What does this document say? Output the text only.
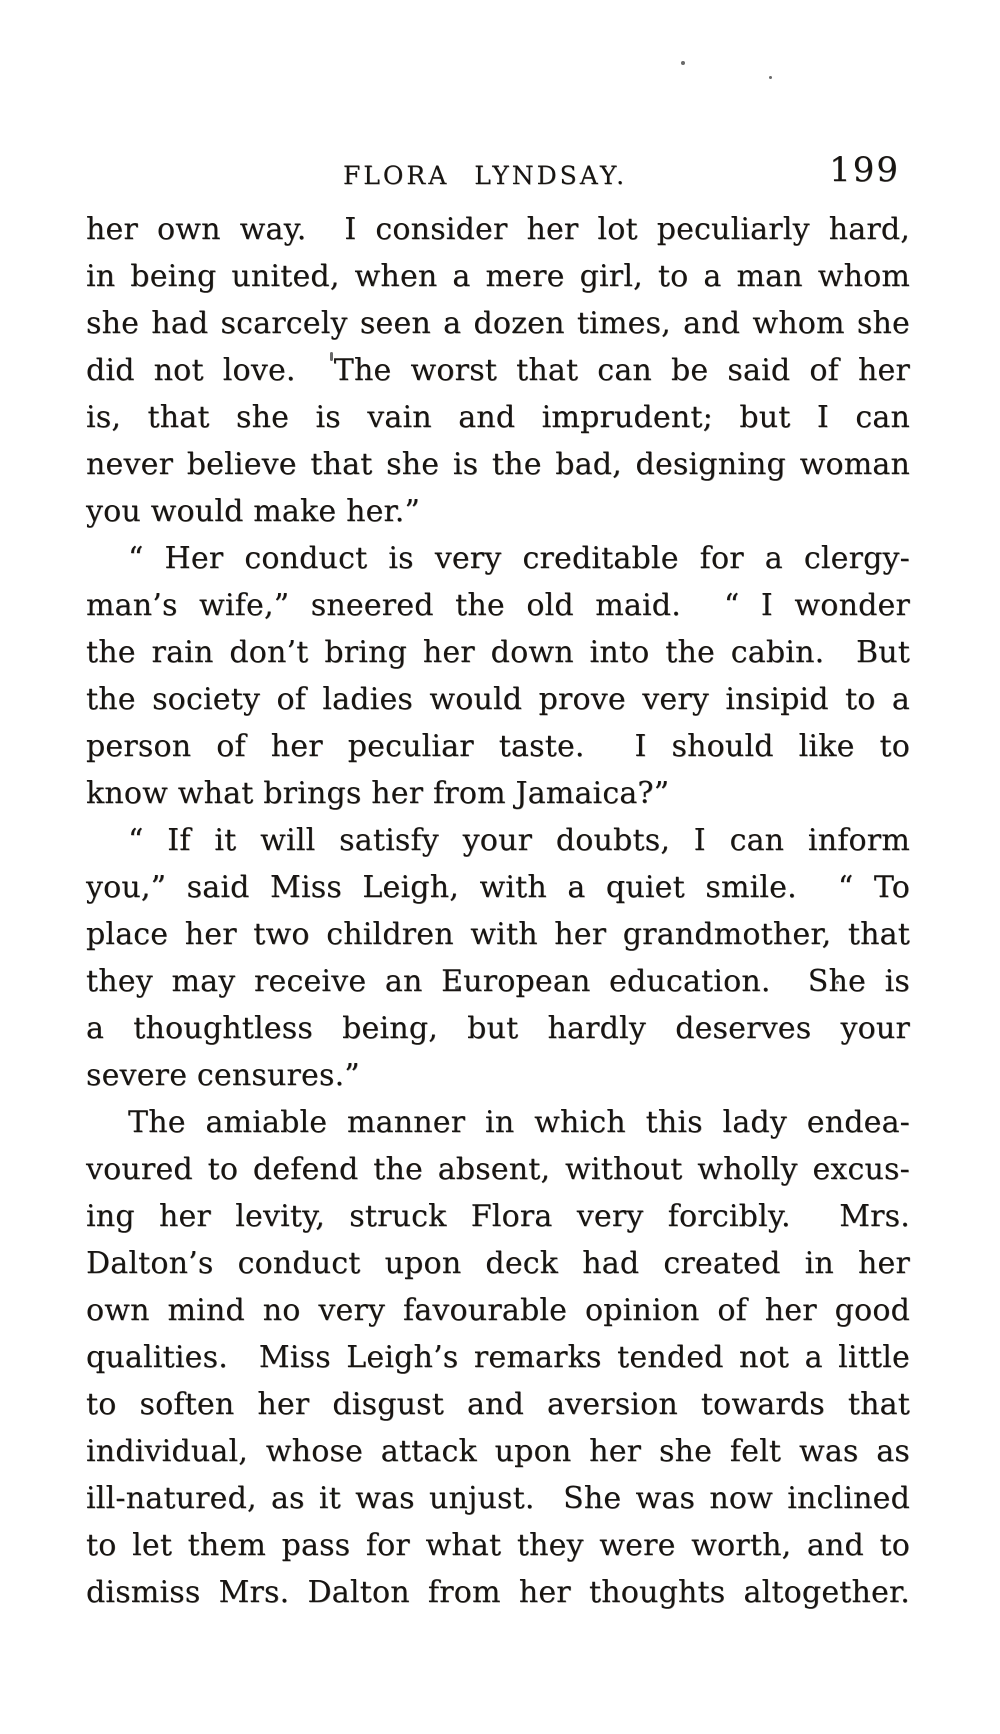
FLORA LYNDSAY.	199
her own way.  I consider her lot peculiarly hard,
in being united, when a mere girl, to a man whom
she had scarcely seen a dozen times, and whom she
did not love.  The worst that can be said of her
is, that she is vain and imprudent; but I can
never believe that she is the bad, designing woman
you would make her.”
“ Her conduct is very creditable for a clergy-
man’s wife,” sneered the old maid.  “ I wonder
the rain don’t bring her down into the cabin.  But
the society of ladies would prove very insipid to a
person of her peculiar taste.  I should like to
know what brings her from Jamaica?”
“ If it will satisfy your doubts, I can inform
you,” said Miss Leigh, with a quiet smile.  “ To
place her two children with her grandmother, that
they may receive an European education.  She is
a thoughtless being, but hardly deserves your
severe censures.”
The amiable manner in which this lady endea-
voured to defend the absent, without wholly excus-
ing her levity, struck Flora very forcibly.  Mrs.
Dalton’s conduct upon deck had created in her
own mind no very favourable opinion of her good
qualities.  Miss Leigh’s remarks tended not a little
to soften her disgust and aversion towards that
individual, whose attack upon her she felt was as
ill-natured, as it was unjust.  She was now inclined
to let them pass for what they were worth, and to
dismiss Mrs. Dalton from her thoughts altogether.
